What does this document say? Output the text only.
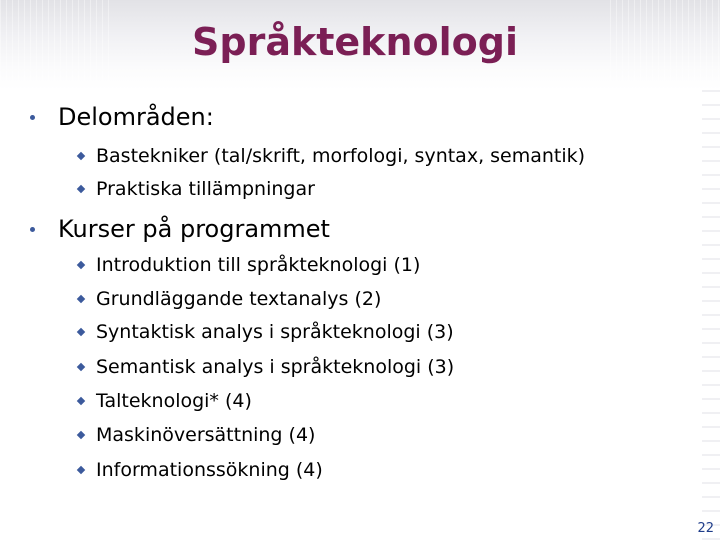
Språkteknologi
Delområden:
Bastekniker (tal/skrift, morfologi, syntax, semantik)
Praktiska tillämpningar
Kurser på programmet
Introduktion till språkteknologi (1)
Grundläggande textanalys (2)
Syntaktisk analys i språkteknologi (3)
Semantisk analys i språkteknologi (3)
Talteknologi* (4)
Maskinöversättning (4)
Informationssökning (4)
22
